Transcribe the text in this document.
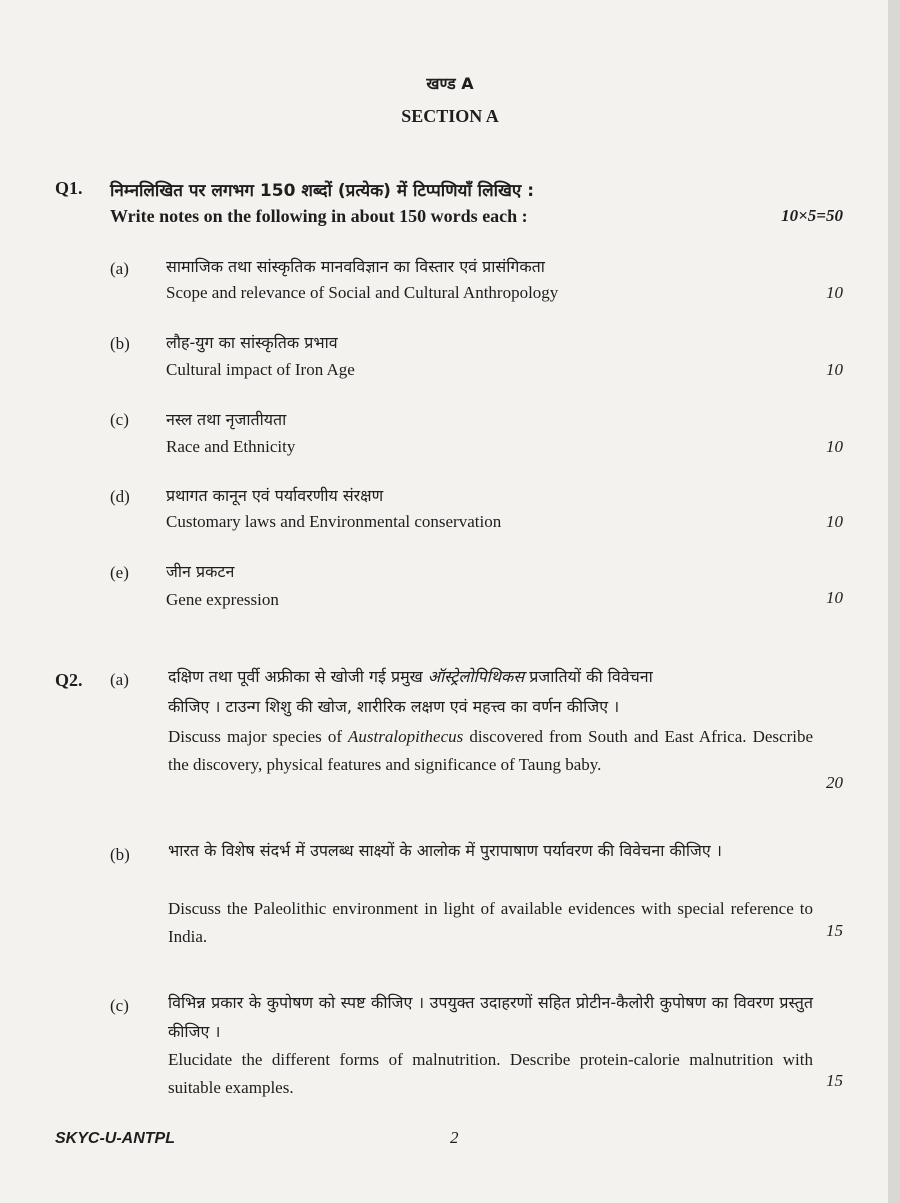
खण्ड A
SECTION A
Q1. निम्नलिखित पर लगभग 150 शब्दों (प्रत्येक) में टिप्पणियाँ लिखिए :
Write notes on the following in about 150 words each :	10×5=50
(a) सामाजिक तथा सांस्कृतिक मानवविज्ञान का विस्तार एवं प्रासंगिकता
Scope and relevance of Social and Cultural Anthropology	10
(b) लौह-युग का सांस्कृतिक प्रभाव
Cultural impact of Iron Age	10
(c) नस्ल तथा नृजातीयता
Race and Ethnicity	10
(d) प्रथागत कानून एवं पर्यावरणीय संरक्षण
Customary laws and Environmental conservation	10
(e) जीन प्रकटन
Gene expression	10
Q2. (a) दक्षिण तथा पूर्वी अफ्रीका से खोजी गई प्रमुख ऑस्ट्रेलोपिथिकस प्रजातियों की विवेचना
कीजिए । टाउन्ग शिशु की खोज, शारीरिक लक्षण एवं महत्त्व का वर्णन कीजिए ।
Discuss major species of Australopithecus discovered from South and East Africa. Describe the discovery, physical features and significance of Taung baby.
20
(b) भारत के विशेष संदर्भ में उपलब्ध साक्ष्यों के आलोक में पुरापाषाण पर्यावरण की विवेचना कीजिए ।
Discuss the Paleolithic environment in light of available evidences with special reference to India.	15
(c) विभिन्न प्रकार के कुपोषण को स्पष्ट कीजिए । उपयुक्त उदाहरणों सहित प्रोटीन-कैलोरी कुपोषण का विवरण प्रस्तुत कीजिए ।
Elucidate the different forms of malnutrition. Describe protein-calorie malnutrition with suitable examples.	15
SKYC-U-ANTPL	2
